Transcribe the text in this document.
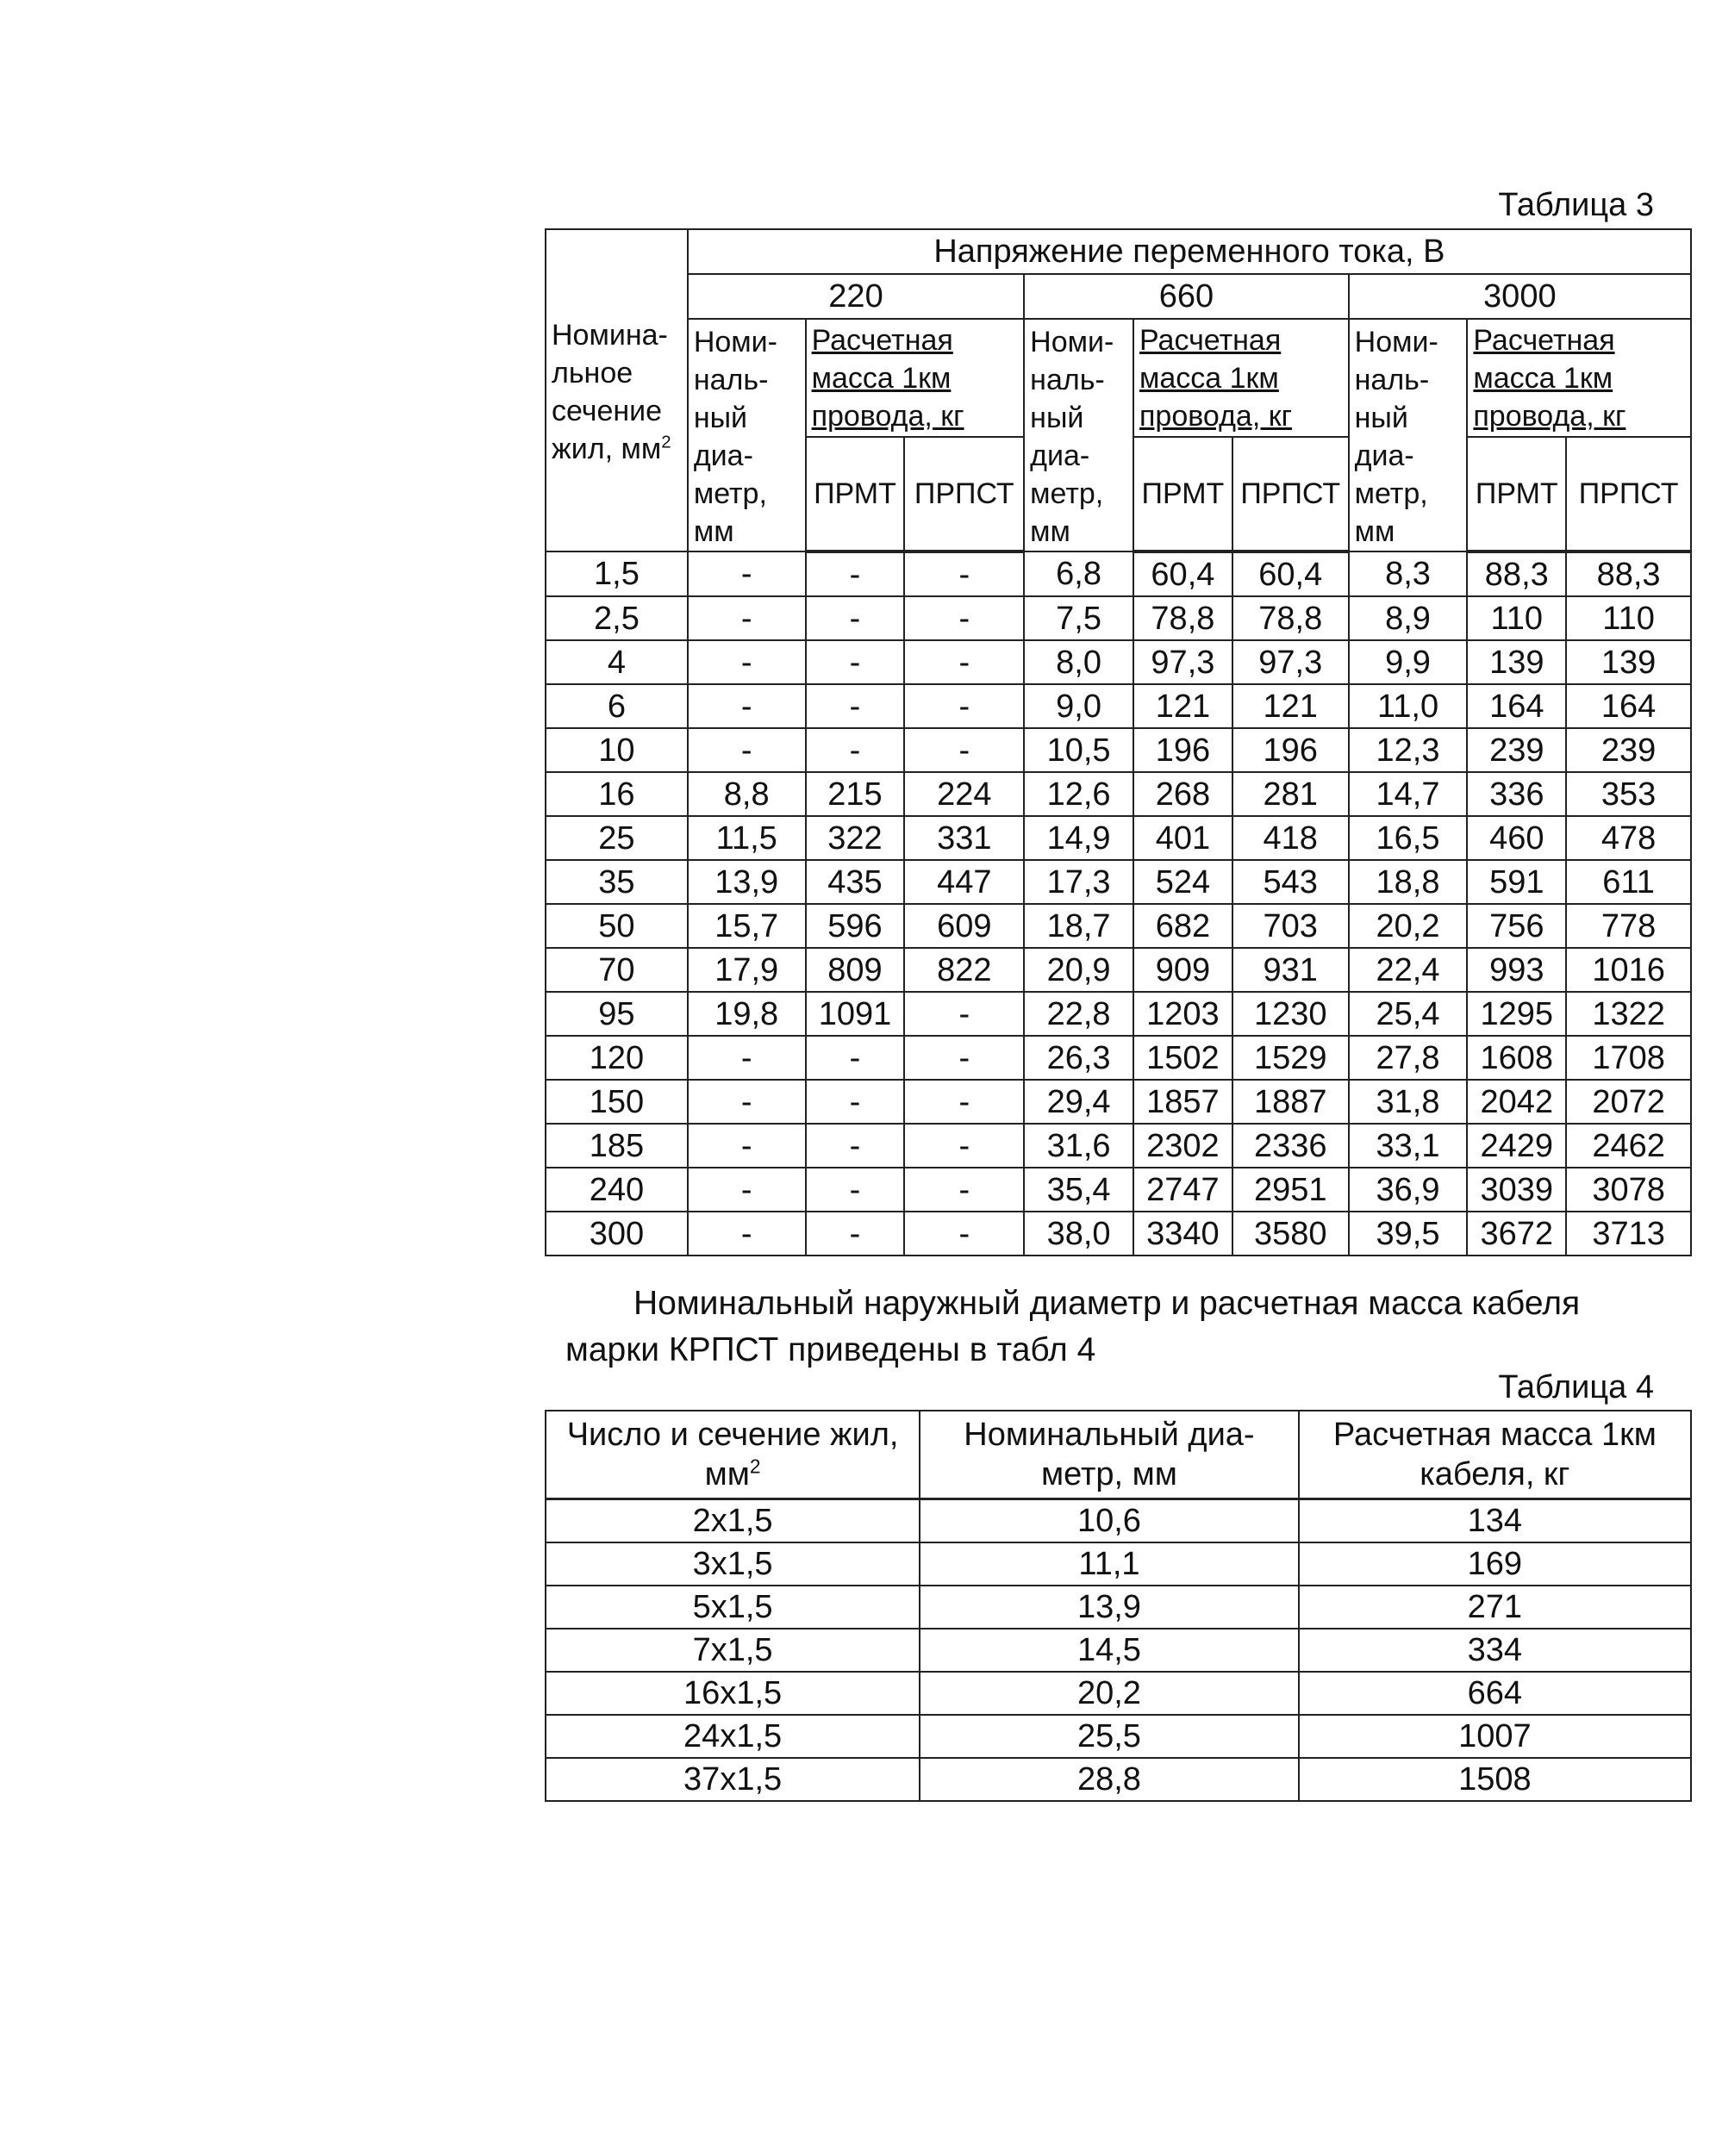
Таблица 3
Номина-льное сечение жил, $мм^2$	Напряжение переменного тока, В								
	220			660			3000		
	Номи-наль-ный диа-метр, мм	Расчетная масса 1км провода, кг		Номи-наль-ный диа-метр, мм	Расчетная масса 1км провода, кг		Номи-наль-ный диа-метр, мм	Расчетная масса 1км провода, кг	
		ПРМТ	ПРПСТ		ПРМТ	ПРПСТ		ПРМТ	ПРПСТ
1,5	-	-	-	6,8	60,4	60,4	8,3	88,3	88,3
2,5	-	-	-	7,5	78,8	78,8	8,9	110	110
4	-	-	-	8,0	97,3	97,3	9,9	139	139
6	-	-	-	9,0	121	121	11,0	164	164
10	-	-	-	10,5	196	196	12,3	239	239
16	8,8	215	224	12,6	268	281	14,7	336	353
25	11,5	322	331	14,9	401	418	16,5	460	478
35	13,9	435	447	17,3	524	543	18,8	591	611
50	15,7	596	609	18,7	682	703	20,2	756	778
70	17,9	809	822	20,9	909	931	22,4	993	1016
95	19,8	1091	-	22,8	1203	1230	25,4	1295	1322
120	-	-	-	26,3	1502	1529	27,8	1608	1708
150	-	-	-	29,4	1857	1887	31,8	2042	2072
185	-	-	-	31,6	2302	2336	33,1	2429	2462
240	-	-	-	35,4	2747	2951	36,9	3039	3078
300	-	-	-	38,0	3340	3580	39,5	3672	3713

Номинальный наружный диаметр и расчетная масса кабеля марки КРПСТ приведены в табл 4

Таблица 4
Число и сечение жил, $мм^2$	Номинальный диа-метр, мм	Расчетная масса 1км кабеля, кг
2х1,5	10,6	134
3х1,5	11,1	169
5х1,5	13,9	271
7х1,5	14,5	334
16х1,5	20,2	664
24х1,5	25,5	1007
37х1,5	28,8	1508
